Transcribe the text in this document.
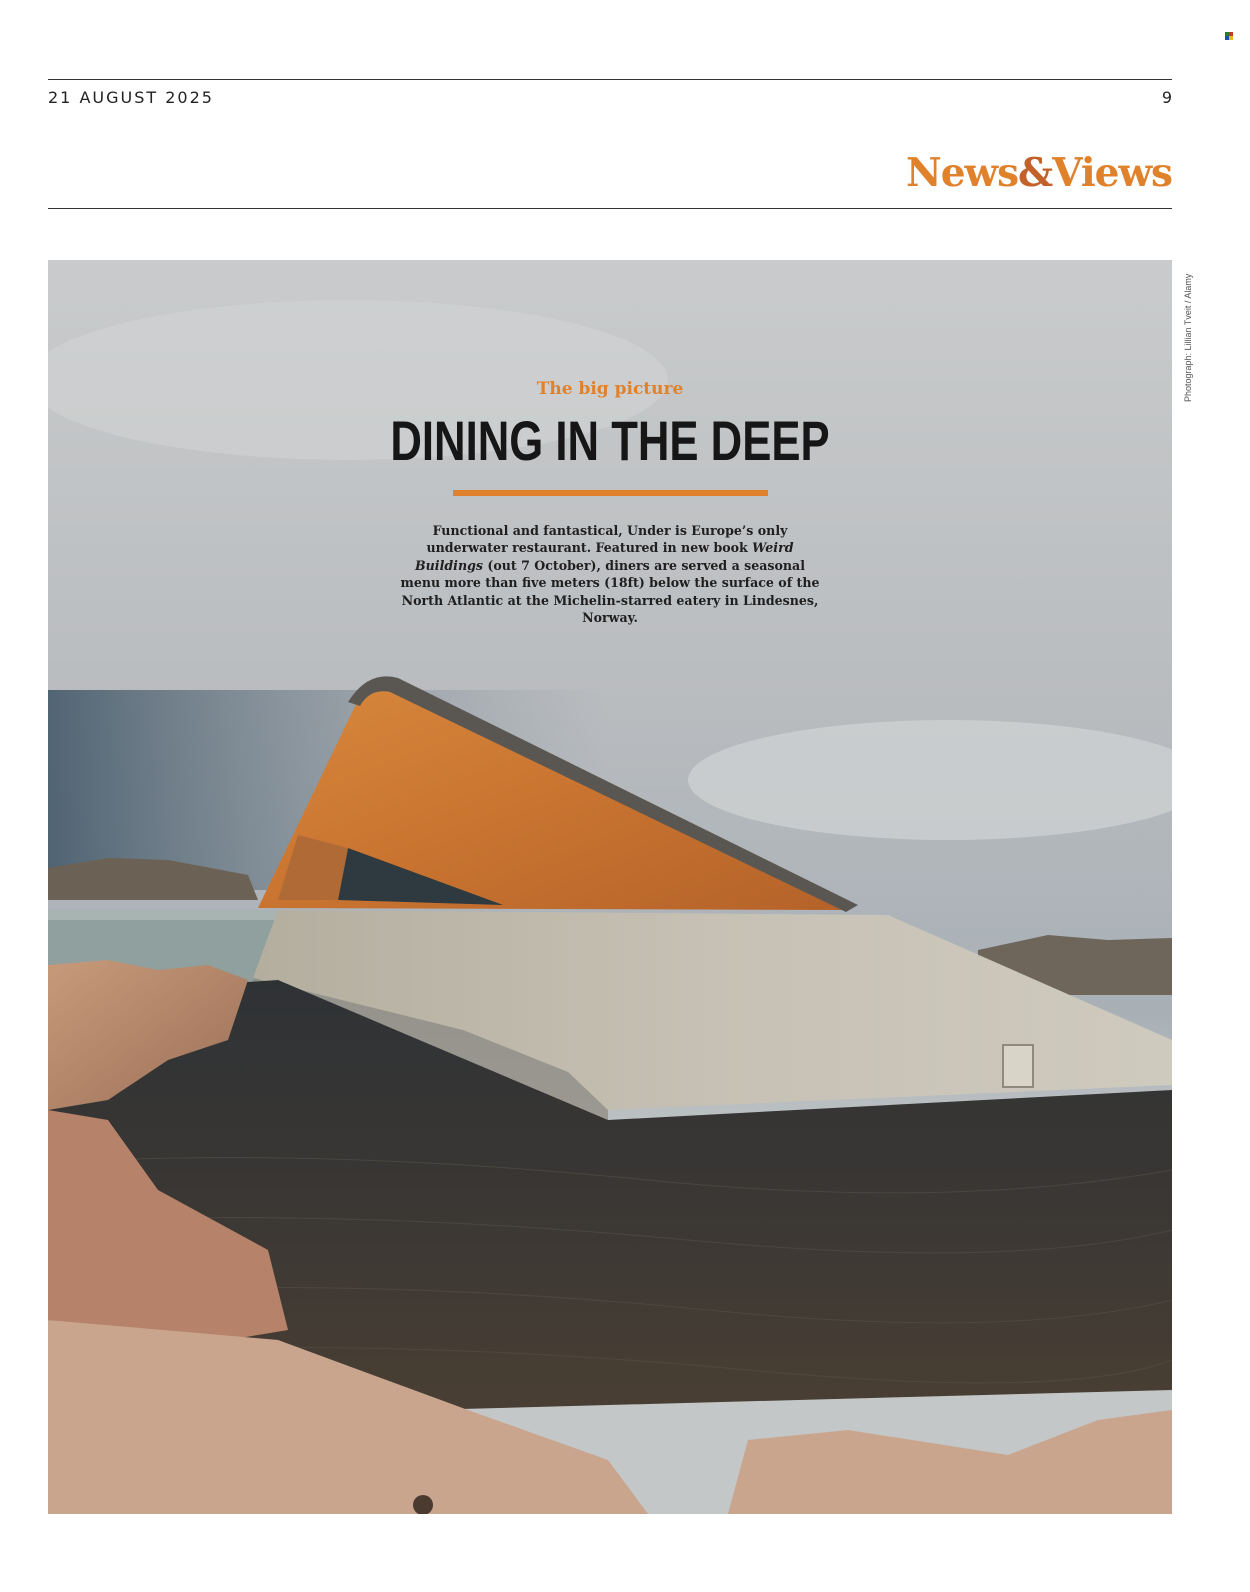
21 AUGUST 2025	9
News&Views
Photograph: Lillian Tveit / Alamy
The big picture
DINING IN THE DEEP
Functional and fantastical, Under is Europe’s only underwater restaurant. Featured in new book Weird Buildings (out 7 October), diners are served a seasonal menu more than five meters (18ft) below the surface of the North Atlantic at the Michelin-starred eatery in Lindesnes, Norway.
